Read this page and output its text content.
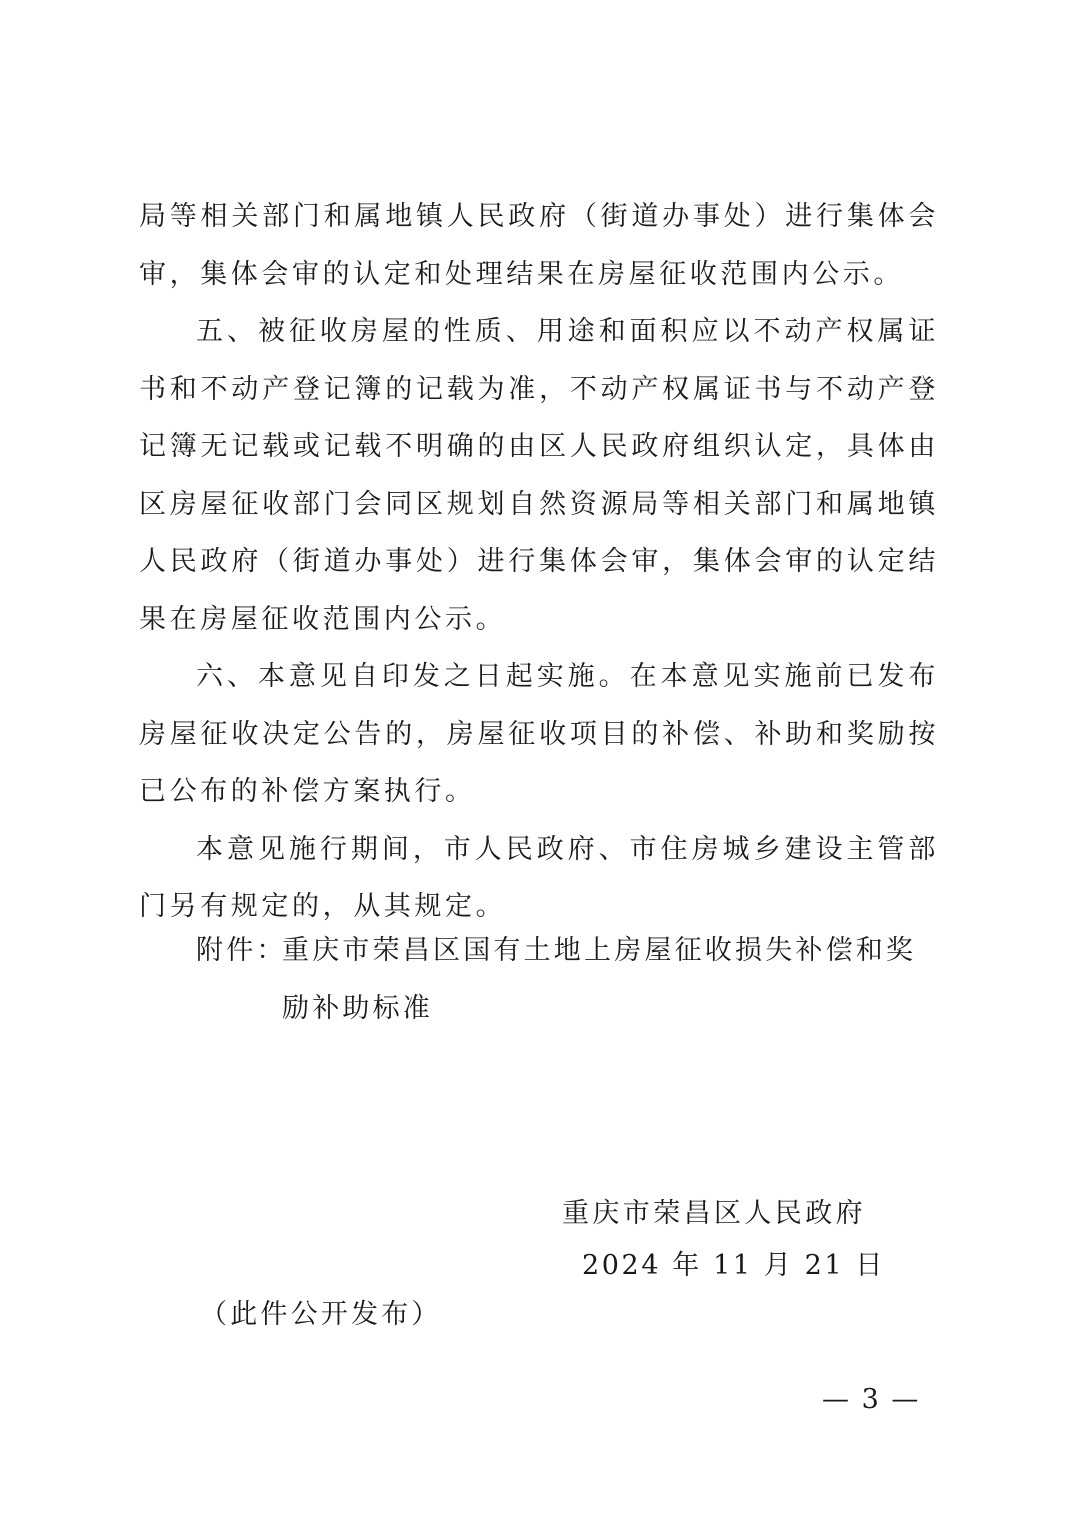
局等相关部门和属地镇人民政府（街道办事处）进行集体会审，集体会审的认定和处理结果在房屋征收范围内公示。

五、被征收房屋的性质、用途和面积应以不动产权属证书和不动产登记簿的记载为准，不动产权属证书与不动产登记簿无记载或记载不明确的由区人民政府组织认定，具体由区房屋征收部门会同区规划自然资源局等相关部门和属地镇人民政府（街道办事处）进行集体会审，集体会审的认定结果在房屋征收范围内公示。

六、本意见自印发之日起实施。在本意见实施前已发布房屋征收决定公告的，房屋征收项目的补偿、补助和奖励按已公布的补偿方案执行。

本意见施行期间，市人民政府、市住房城乡建设主管部门另有规定的，从其规定。

附件：
重庆市荣昌区国有土地上房屋征收损失补偿和奖励补助标准
重庆市荣昌区人民政府
2024 年 11 月 21 日
（此件公开发布）
— 3 —
